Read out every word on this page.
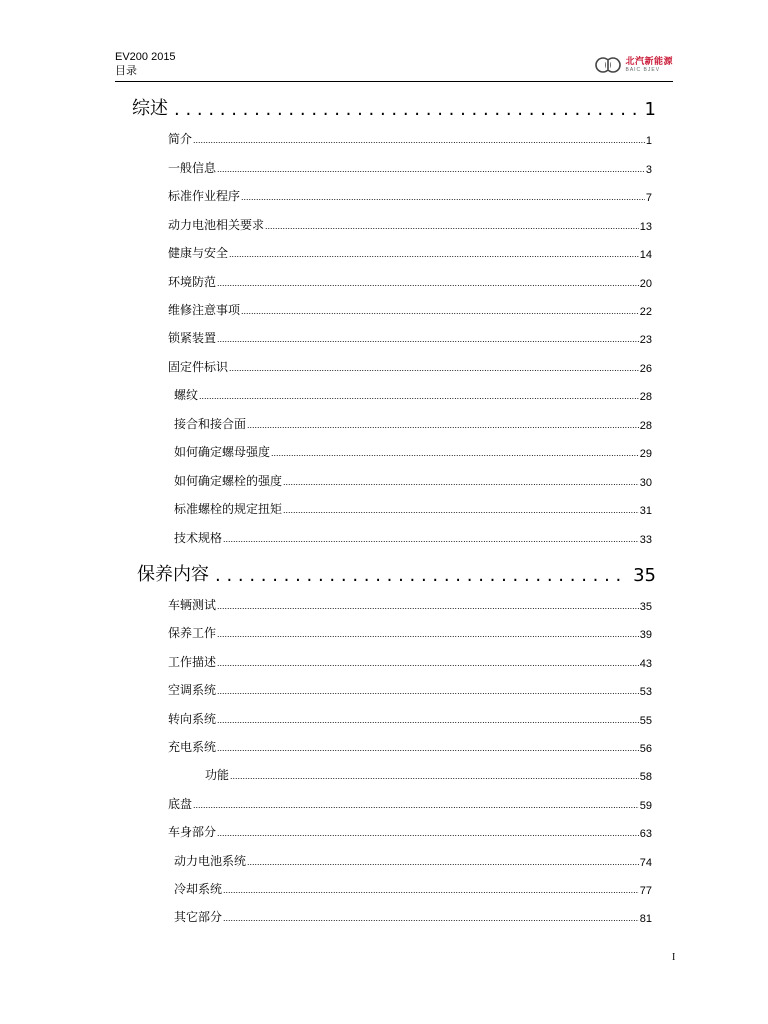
EV200 2015
目录
北汽新能源
BAIC BJEV
综述 . . .	1
简介 .....	1
一般信息 .....	3
标准作业程序 .....	7
动力电池相关要求 .....	13
健康与安全 .....	14
环境防范 .....	20
维修注意事项 .....	22
锁紧装置 .....	23
固定件标识 .....	26
螺纹 .....	28
接合和接合面 .....	28
如何确定螺母强度 .....	29
如何确定螺栓的强度 .....	30
标准螺栓的规定扭矩 .....	31
技术规格 .....	33
保养内容 . . .	35
车辆测试 .....	35
保养工作 .....	39
工作描述 .....	43
空调系统 .....	53
转向系统 .....	55
充电系统 .....	56
功能 .....	58
底盘 .....	59
车身部分 .....	63
动力电池系统 .....	74
冷却系统 .....	77
其它部分 .....	81
I
